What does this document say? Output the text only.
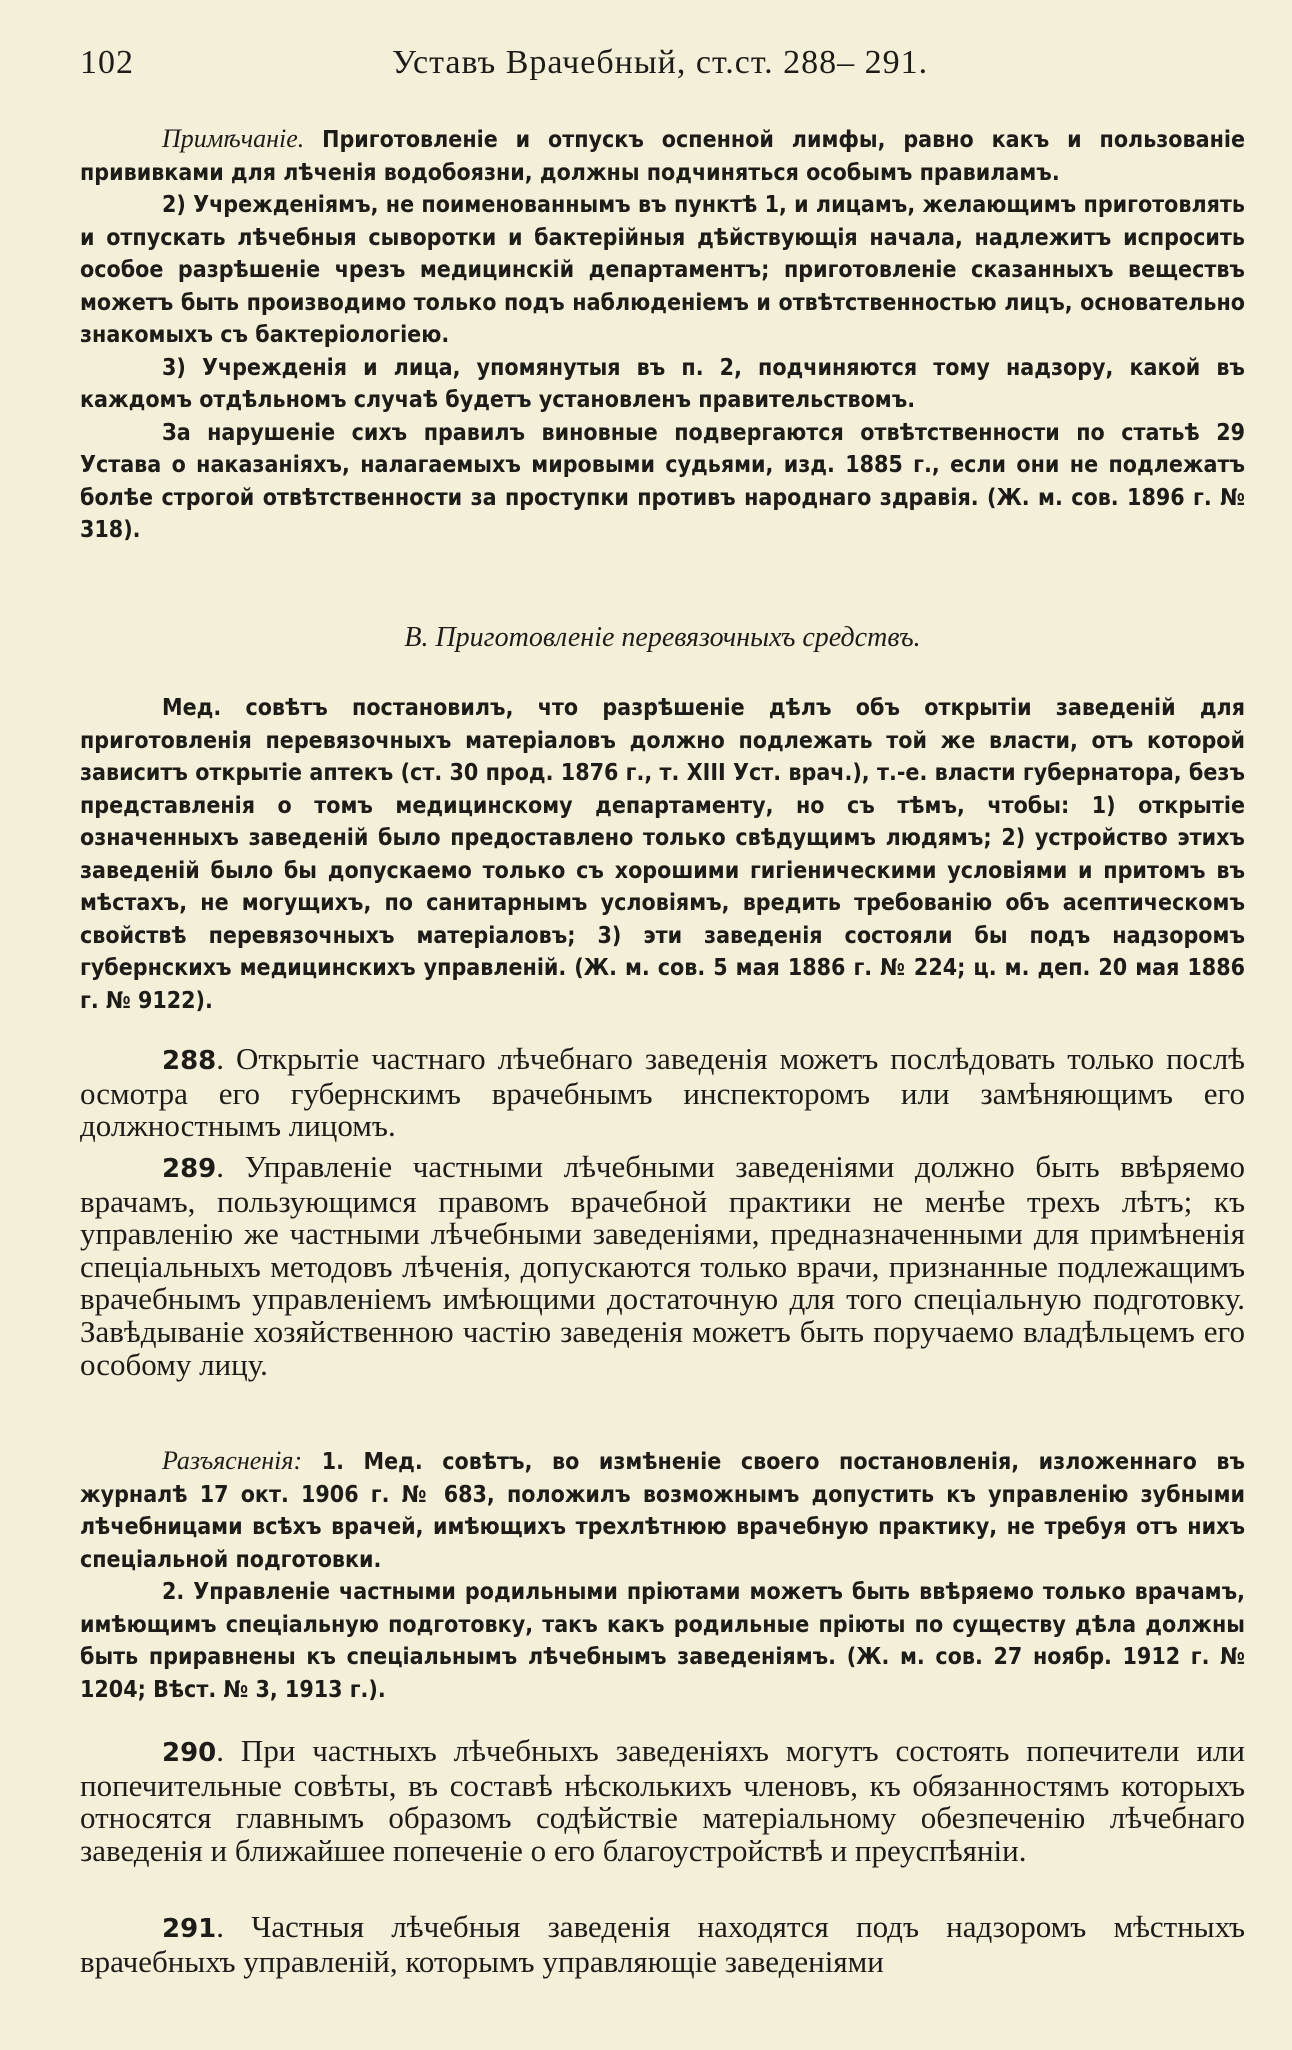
102	Уставъ Врачебный, ст.ст. 288– 291.

Примѣчаніе. Приготовленіе и отпускъ оспенной лимфы, равно какъ и пользованіе прививками для лѣченія водобоязни, должны подчиняться особымъ правиламъ.

2) Учрежденіямъ, не поименованнымъ въ пунктѣ 1, и лицамъ, желающимъ приготовлять и отпускать лѣчебныя сыворотки и бактерійныя дѣйствующія начала, надлежитъ испросить особое разрѣшеніе чрезъ медицинскій департаментъ; приготовленіе сказанныхъ веществъ можетъ быть производимо только подъ наблюденіемъ и отвѣтственностью лицъ, основательно знакомыхъ съ бактеріологіею.

3) Учрежденія и лица, упомянутыя въ п. 2, подчиняются тому надзору, какой въ каждомъ отдѣльномъ случаѣ будетъ установленъ правительствомъ.

За нарушеніе сихъ правилъ виновные подвергаются отвѣтственности по статьѣ 29 Устава о наказаніяхъ, налагаемыхъ мировыми судьями, изд. 1885 г., если они не подлежатъ болѣе строгой отвѣтственности за проступки противъ народнаго здравія. (Ж. м. сов. 1896 г. № 318).

В. Приготовленіе перевязочныхъ средствъ.

Мед. совѣтъ постановилъ, что разрѣшеніе дѣлъ объ открытіи заведеній для приготовленія перевязочныхъ матеріаловъ должно подлежать той же власти, отъ которой зависитъ открытіе аптекъ (ст. 30 прод. 1876 г., т. XIII Уст. врач.), т.-е. власти губернатора, безъ представленія о томъ медицинскому департаменту, но съ тѣмъ, чтобы: 1) открытіе означенныхъ заведеній было предоставлено только свѣдущимъ людямъ; 2) устройство этихъ заведеній было бы допускаемо только съ хорошими гигіеническими условіями и притомъ въ мѣстахъ, не могущихъ, по санитарнымъ условіямъ, вредить требованію объ асептическомъ свойствѣ перевязочныхъ матеріаловъ; 3) эти заведенія состояли бы подъ надзоромъ губернскихъ медицинскихъ управленій. (Ж. м. сов. 5 мая 1886 г. № 224; ц. м. деп. 20 мая 1886 г. № 9122).

288. Открытіе частнаго лѣчебнаго заведенія можетъ послѣдовать только послѣ осмотра его губернскимъ врачебнымъ инспекторомъ или замѣняющимъ его должностнымъ лицомъ.

289. Управленіе частными лѣчебными заведеніями должно быть ввѣряемо врачамъ, пользующимся правомъ врачебной практики не менѣе трехъ лѣтъ; къ управленію же частными лѣчебными заведеніями, предназначенными для примѣненія спеціальныхъ методовъ лѣченія, допускаются только врачи, признанные подлежащимъ врачебнымъ управленіемъ имѣющими достаточную для того спеціальную подготовку. Завѣдываніе хозяйственною частію заведенія можетъ быть поручаемо владѣльцемъ его особому лицу.

Разъясненія: 1. Мед. совѣтъ, во измѣненіе своего постановленія, изложеннаго въ журналѣ 17 окт. 1906 г. № 683, положилъ возможнымъ допустить къ управленію зубными лѣчебницами всѣхъ врачей, имѣющихъ трехлѣтнюю врачебную практику, не требуя отъ нихъ спеціальной подготовки.

2. Управленіе частными родильными пріютами можетъ быть ввѣряемо только врачамъ, имѣющимъ спеціальную подготовку, такъ какъ родильные пріюты по существу дѣла должны быть приравнены къ спеціальнымъ лѣчебнымъ заведеніямъ. (Ж. м. сов. 27 ноябр. 1912 г. № 1204; Вѣст. № 3, 1913 г.).

290. При частныхъ лѣчебныхъ заведеніяхъ могутъ состоять попечители или попечительные совѣты, въ составѣ нѣсколькихъ членовъ, къ обязанностямъ которыхъ относятся главнымъ образомъ содѣйствіе матеріальному обезпеченію лѣчебнаго заведенія и ближайшее попеченіе о его благоустройствѣ и преуспѣяніи.

291. Частныя лѣчебныя заведенія находятся подъ надзоромъ мѣстныхъ врачебныхъ управленій, которымъ управляющіе заведеніями
